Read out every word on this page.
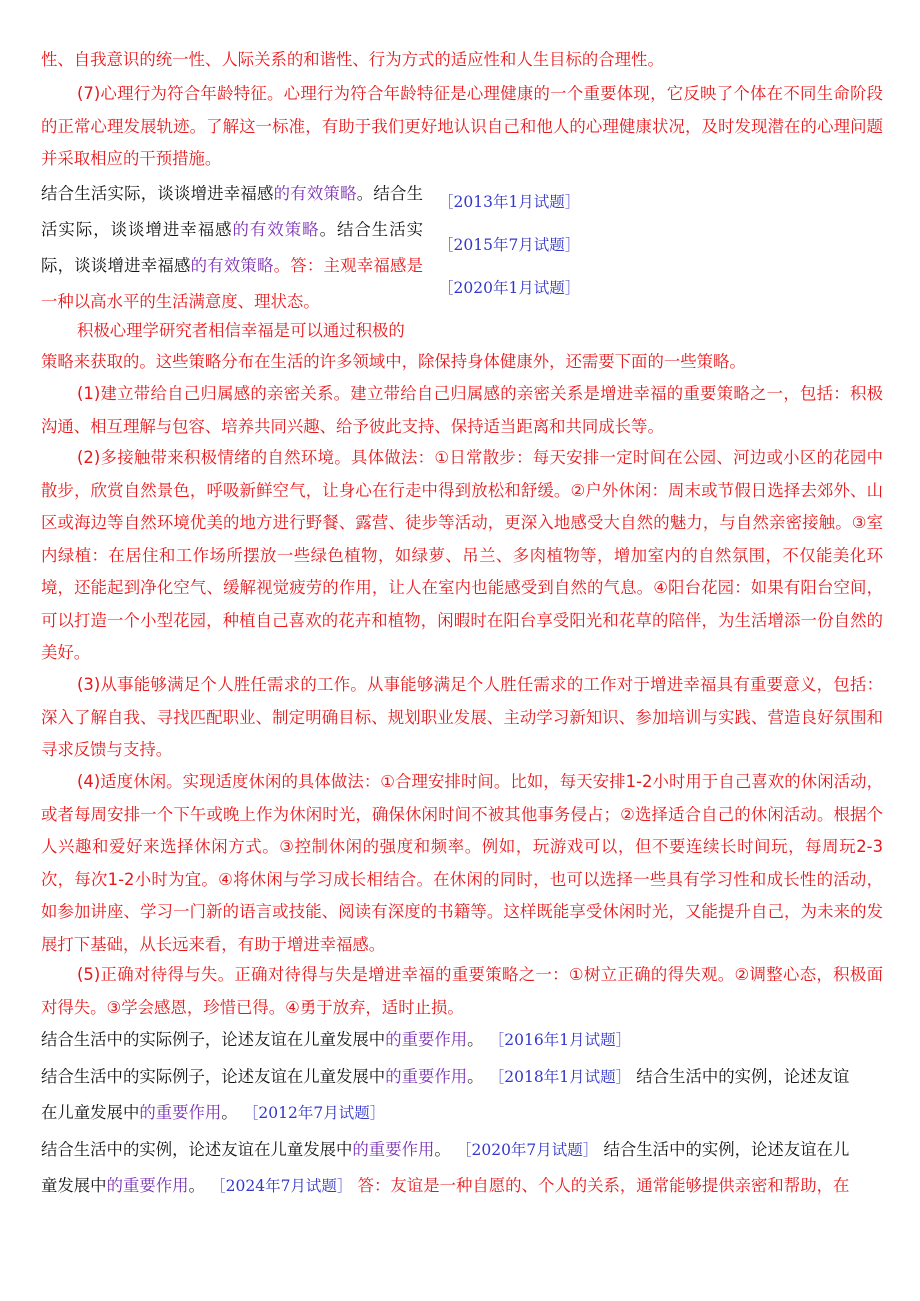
性、自我意识的统一性、人际关系的和谐性、行为方式的适应性和人生目标的合理性。

(7)心理行为符合年龄特征。心理行为符合年龄特征是心理健康的一个重要体现，它反映了个体在不同生命阶段的正常心理发展轨迹。了解这一标准，有助于我们更好地认识自己和他人的心理健康状况，及时发现潜在的心理问题并采取相应的干预措施。

结合生活实际，谈谈增进幸福感的有效策略。结合生活实际，谈谈增进幸福感的有效策略。结合生活实际，谈谈增进幸福感的有效策略。答：主观幸福感是一种以高水平的生活满意度、理状态。

［2013年1月试题］
［2015年7月试题］
［2020年1月试题］

积极心理学研究者相信幸福是可以通过积极的

策略来获取的。这些策略分布在生活的许多领域中，除保持身体健康外，还需要下面的一些策略。

(1)建立带给自己归属感的亲密关系。建立带给自己归属感的亲密关系是增进幸福的重要策略之一，包括：积极沟通、相互理解与包容、培养共同兴趣、给予彼此支持、保持适当距离和共同成长等。

(2)多接触带来积极情绪的自然环境。具体做法：①日常散步：每天安排一定时间在公园、河边或小区的花园中散步，欣赏自然景色，呼吸新鲜空气，让身心在行走中得到放松和舒缓。②户外休闲：周末或节假日选择去郊外、山区或海边等自然环境优美的地方进行野餐、露营、徒步等活动，更深入地感受大自然的魅力，与自然亲密接触。③室内绿植：在居住和工作场所摆放一些绿色植物，如绿萝、吊兰、多肉植物等，增加室内的自然氛围，不仅能美化环境，还能起到净化空气、缓解视觉疲劳的作用，让人在室内也能感受到自然的气息。④阳台花园：如果有阳台空间，可以打造一个小型花园，种植自己喜欢的花卉和植物，闲暇时在阳台享受阳光和花草的陪伴，为生活增添一份自然的美好。

(3)从事能够满足个人胜任需求的工作。从事能够满足个人胜任需求的工作对于增进幸福具有重要意义，包括：深入了解自我、寻找匹配职业、制定明确目标、规划职业发展、主动学习新知识、参加培训与实践、营造良好氛围和寻求反馈与支持。

(4)适度休闲。实现适度休闲的具体做法：①合理安排时间。比如，每天安排1-2小时用于自己喜欢的休闲活动，或者每周安排一个下午或晚上作为休闲时光，确保休闲时间不被其他事务侵占；②选择适合自己的休闲活动。根据个人兴趣和爱好来选择休闲方式。③控制休闲的强度和频率。例如，玩游戏可以，但不要连续长时间玩，每周玩2-3次，每次1-2小时为宜。④将休闲与学习成长相结合。在休闲的同时，也可以选择一些具有学习性和成长性的活动，如参加讲座、学习一门新的语言或技能、阅读有深度的书籍等。这样既能享受休闲时光，又能提升自己，为未来的发展打下基础，从长远来看，有助于增进幸福感。

(5)正确对待得与失。正确对待得与失是增进幸福的重要策略之一：①树立正确的得失观。②调整心态，积极面对得失。③学会感恩，珍惜已得。④勇于放弃，适时止损。

结合生活中的实际例子，论述友谊在儿童发展中的重要作用。 ［2016年1月试题］

结合生活中的实际例子，论述友谊在儿童发展中的重要作用。 ［2018年1月试题］ 结合生活中的实例，论述友谊

在儿童发展中的重要作用。 ［2012年7月试题］

结合生活中的实例，论述友谊在儿童发展中的重要作用。 ［2020年7月试题］ 结合生活中的实例，论述友谊在儿

童发展中的重要作用。 ［2024年7月试题］ 答：友谊是一种自愿的、个人的关系，通常能够提供亲密和帮助，在
